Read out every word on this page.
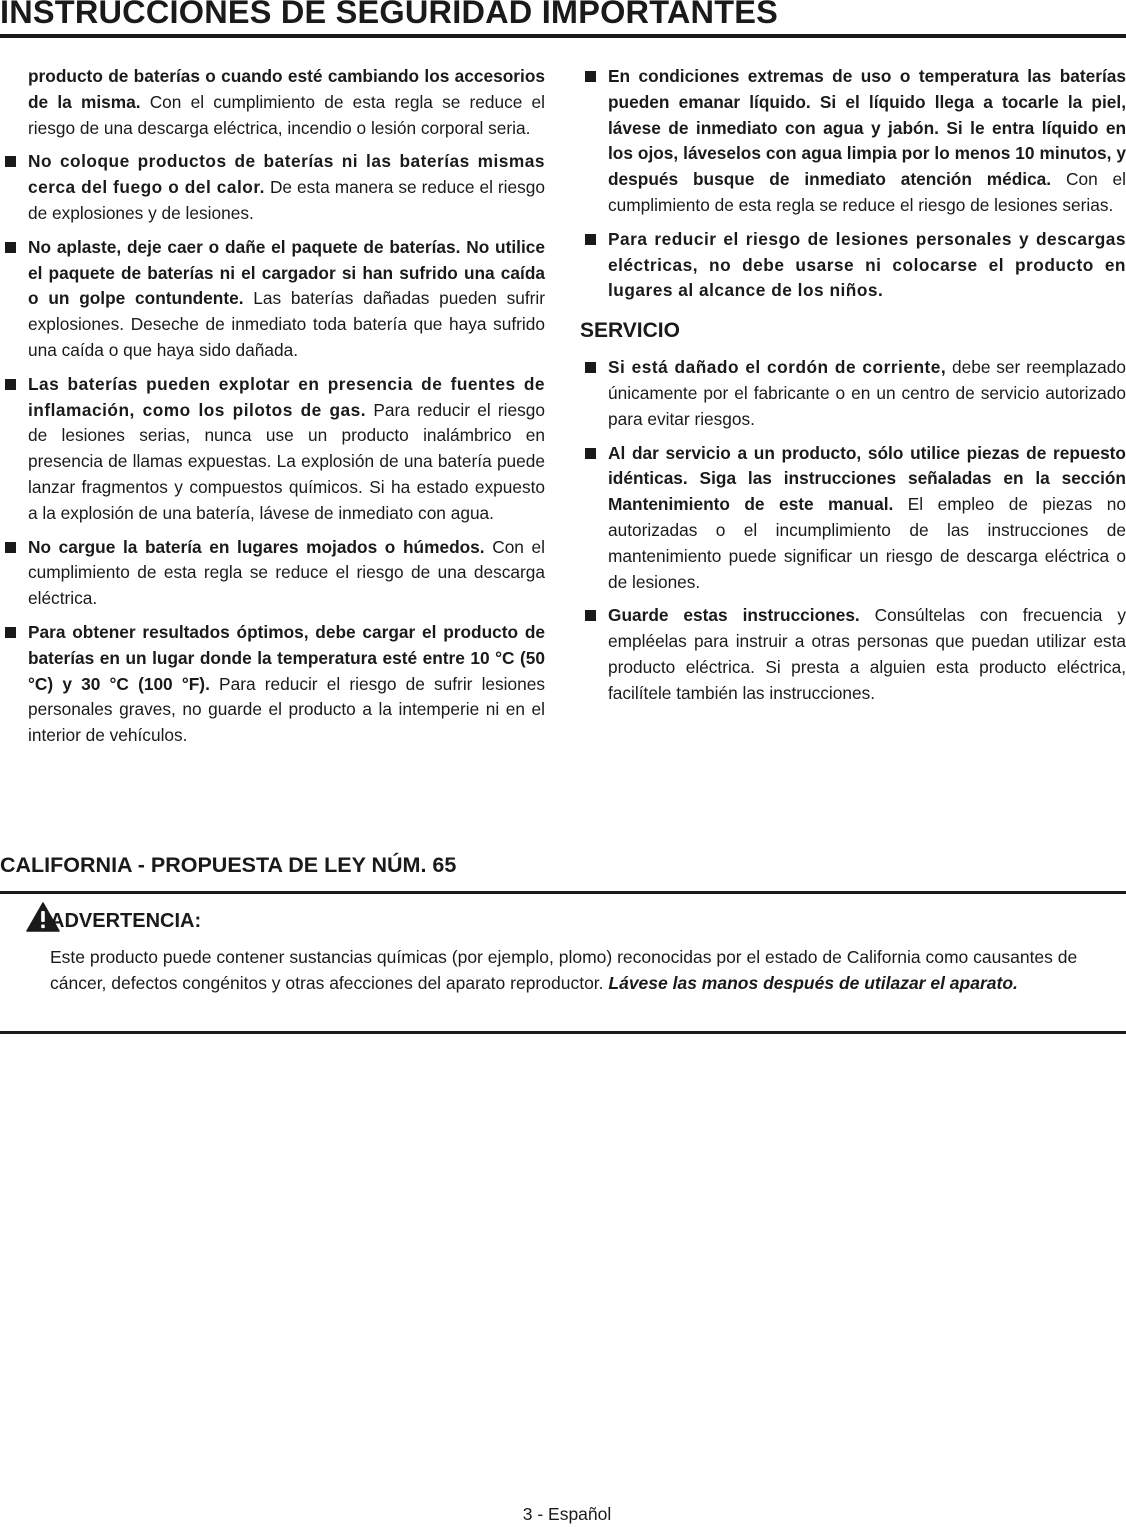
INSTRUCCIONES DE SEGURIDAD IMPORTANTES
producto de baterías o cuando esté cambiando los accesorios de la misma. Con el cumplimiento de esta regla se reduce el riesgo de una descarga eléctrica, incendio o lesión corporal seria.
No coloque productos de baterías ni las baterías mismas cerca del fuego o del calor. De esta manera se reduce el riesgo de explosiones y de lesiones.
No aplaste, deje caer o dañe el paquete de baterías. No utilice el paquete de baterías ni el cargador si han sufrido una caída o un golpe contundente. Las baterías dañadas pueden sufrir explosiones. Deseche de inmediato toda batería que haya sufrido una caída o que haya sido dañada.
Las baterías pueden explotar en presencia de fuentes de inflamación, como los pilotos de gas. Para reducir el riesgo de lesiones serias, nunca use un producto inalámbrico en presencia de llamas expuestas. La explosión de una batería puede lanzar fragmentos y compuestos químicos. Si ha estado expuesto a la explosión de una batería, lávese de inmediato con agua.
No cargue la batería en lugares mojados o húmedos. Con el cumplimiento de esta regla se reduce el riesgo de una descarga eléctrica.
Para obtener resultados óptimos, debe cargar el producto de baterías en un lugar donde la temperatura esté entre 10 °C (50 °C) y 30 °C (100 °F). Para reducir el riesgo de sufrir lesiones personales graves, no guarde el producto a la intemperie ni en el interior de vehículos.
En condiciones extremas de uso o temperatura las baterías pueden emanar líquido. Si el líquido llega a tocarle la piel, lávese de inmediato con agua y jabón. Si le entra líquido en los ojos, láveselos con agua limpia por lo menos 10 minutos, y después busque de inmediato atención médica. Con el cumplimiento de esta regla se reduce el riesgo de lesiones serias.
Para reducir el riesgo de lesiones personales y descargas eléctricas, no debe usarse ni colocarse el producto en lugares al alcance de los niños.
SERVICIO
Si está dañado el cordón de corriente, debe ser reemplazado únicamente por el fabricante o en un centro de servicio autorizado para evitar riesgos.
Al dar servicio a un producto, sólo utilice piezas de repuesto idénticas. Siga las instrucciones señaladas en la sección Mantenimiento de este manual. El empleo de piezas no autorizadas o el incumplimiento de las instrucciones de mantenimiento puede significar un riesgo de descarga eléctrica o de lesiones.
Guarde estas instrucciones. Consúltelas con frecuencia y empléelas para instruir a otras personas que puedan utilizar esta producto eléctrica. Si presta a alguien esta producto eléctrica, facilítele también las instrucciones.
CALIFORNIA - PROPUESTA DE LEY NÚM. 65
ADVERTENCIA:
Este producto puede contener sustancias químicas (por ejemplo, plomo) reconocidas por el estado de California como causantes de cáncer, defectos congénitos y otras afecciones del aparato reproductor. Lávese las manos después de utilazar el aparato.
3 - Español
